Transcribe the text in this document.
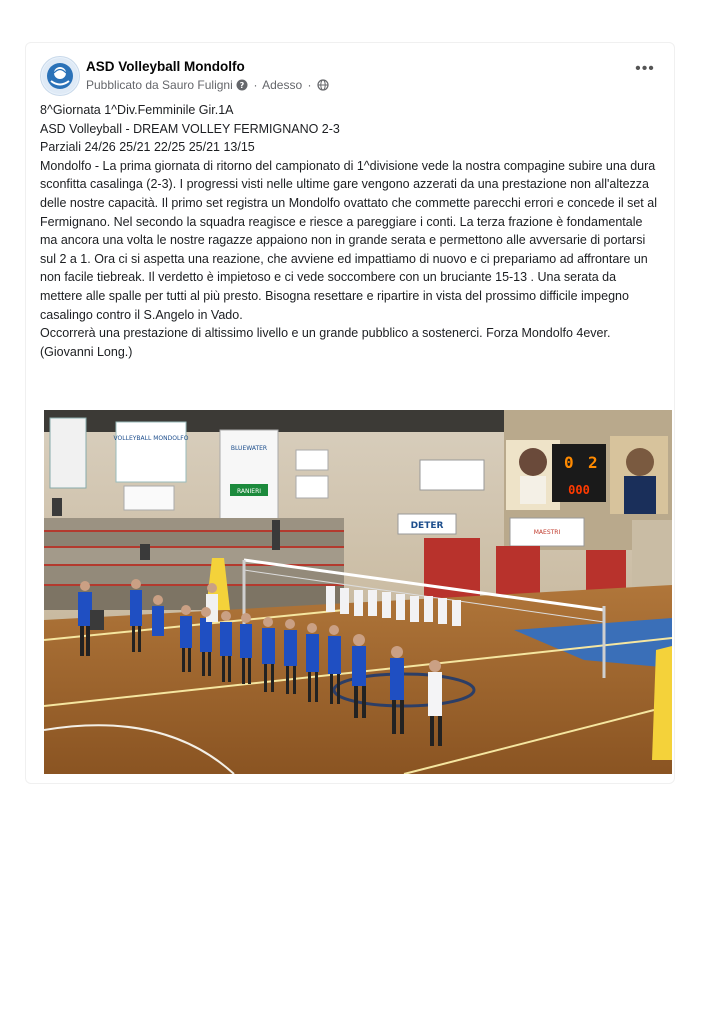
ASD Volleyball Mondolfo
Pubblicato da Sauro Fuligni ? · Adesso ·
•••

8^Giornata 1^Div.Femminile Gir.1A

ASD Volleyball - DREAM VOLLEY FERMIGNANO 2-3

Parziali 24/26 25/21 22/25 25/21 13/15

Mondolfo - La prima giornata di ritorno del campionato di 1^divisione vede la nostra compagine subire una dura sconfitta casalinga (2-3). I progressi visti nelle ultime gare vengono azzerati da una prestazione non all'altezza delle nostre capacità. Il primo set registra un Mondolfo ovattato che commette parecchi errori e concede il set al Fermignano. Nel secondo la squadra reagisce e riesce a pareggiare i conti. La terza frazione è fondamentale ma ancora una volta le nostre ragazze appaiono non in grande serata e permettono alle avversarie di portarsi sul 2 a 1. Ora ci si aspetta una reazione, che avviene ed impattiamo di nuovo e ci prepariamo ad affrontare un non facile tiebreak. Il verdetto è impietoso e ci vede soccombere con un bruciante 15-13 . Una serata da mettere alle spalle per tutti al più presto. Bisogna resettare e ripartire in vista del prossimo difficile impegno casalingo contro il S.Angelo in Vado.

Occorrerà una prestazione di altissimo livello e un grande pubblico a sostenerci. Forza Mondolfo 4ever. (Giovanni Long.)

VOLLEYBALL MONDOLFO
BLUEWATER
RANIERI
DETER
MAESTRI
0 2
000
